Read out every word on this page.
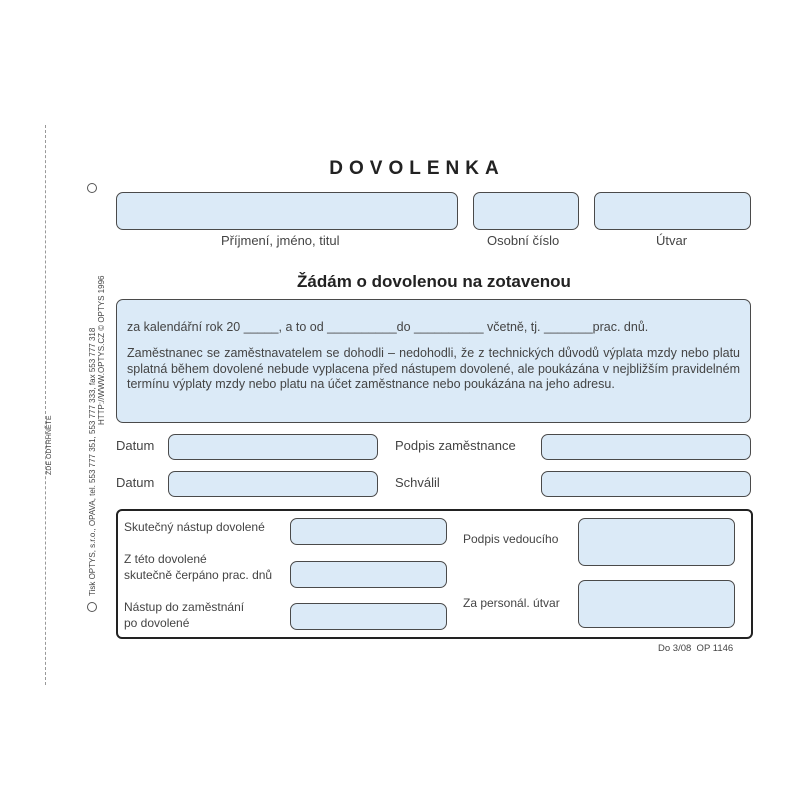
ZDE ODTRHNĚTE	Tisk OPTYS, s.r.o., OPAVA, tel. 553 777 351, 553 777 333, fax 553 777 318 HTTP://WWW.OPTYS.CZ © OPTYS 1996
DOVOLENKA
Příjmení, jméno, titul	Osobní číslo	Útvar
Žádám o dovolenou na zotavenou
za kalendářní rok 20 _____, a to od __________do __________ včetně, tj. _______prac. dnů.
Zaměstnanec se zaměstnavatelem se dohodli – nedohodli, že z technických důvodů výplata mzdy nebo platu splatná během dovolené nebude vyplacena před nástupem dovolené, ale poukázána v nejbližším pravidelném termínu výplaty mzdy nebo platu na účet zaměstnance nebo poukázána na jeho adresu.
Datum	Podpis zaměstnance
Datum	Schválil
Skutečný nástup dovolené
Z této dovolené
skutečně čerpáno prac. dnů
Nástup do zaměstnání
po dovolené
Podpis vedoucího
Za personál. útvar
Do 3/08  OP 1146
